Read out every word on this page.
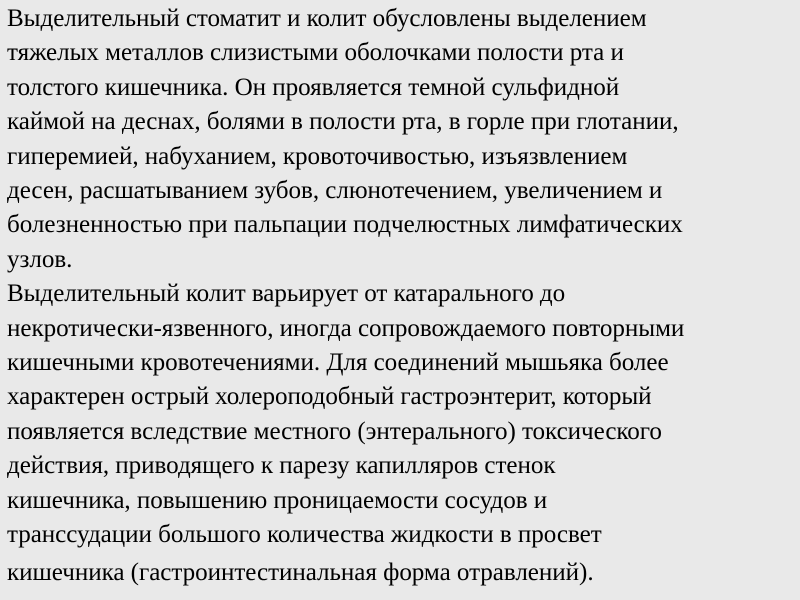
Выделительный стоматит и колит обусловлены выделением
тяжелых металлов слизистыми оболочками полости рта и
толстого кишечника. Он проявляется темной сульфидной
каймой на деснах, болями в полости рта, в горле при глотании,
гиперемией, набуханием, кровоточивостью, изъязвлением
десен, расшатыванием зубов, слюнотечением, увеличением и
болезненностью при пальпации подчелюстных лимфатических
узлов.
Выделительный колит варьирует от катарального до
некротически-язвенного, иногда сопровождаемого повторными
кишечными кровотечениями. Для соединений мышьяка более
характерен острый холероподобный гастроэнтерит, который
появляется вследствие местного (энтерального) токсического
действия, приводящего к парезу капилляров стенок
кишечника, повышению проницаемости сосудов и
транссудации большого количества жидкости в просвет
кишечника (гастроинтестинальная форма отравлений).
